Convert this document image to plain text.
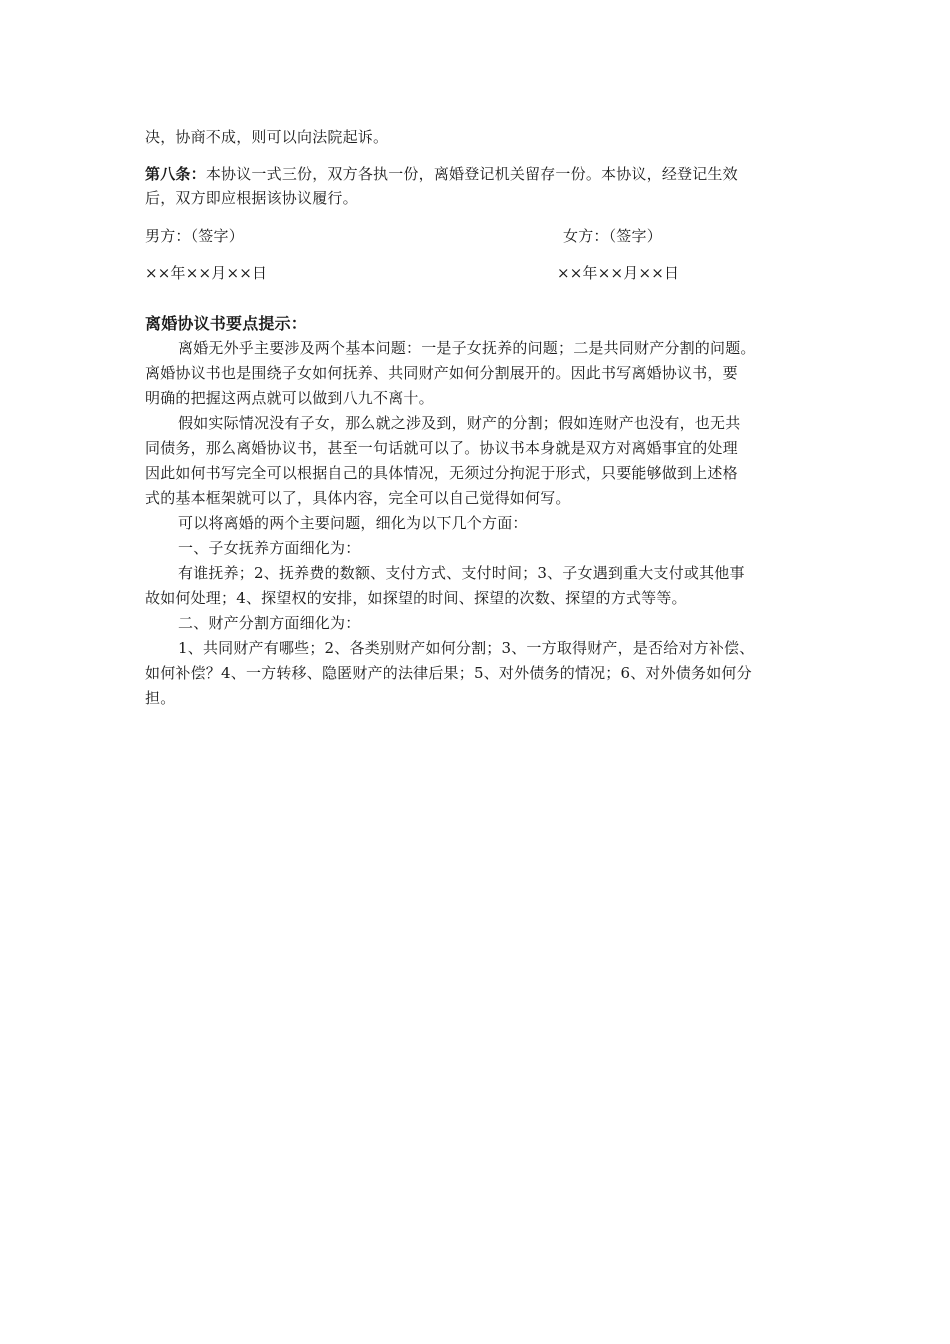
决，协商不成，则可以向法院起诉。
第八条：本协议一式三份，双方各执一份，离婚登记机关留存一份。本协议，经登记生效
后，双方即应根据该协议履行。
男方：（签字）	女方：（签字）
××年××月××日	××年××月××日
离婚协议书要点提示：
离婚无外乎主要涉及两个基本问题：一是子女抚养的问题；二是共同财产分割的问题。
离婚协议书也是围绕子女如何抚养、共同财产如何分割展开的。因此书写离婚协议书，要
明确的把握这两点就可以做到八九不离十。
假如实际情况没有子女，那么就之涉及到，财产的分割；假如连财产也没有，也无共
同债务，那么离婚协议书，甚至一句话就可以了。协议书本身就是双方对离婚事宜的处理
因此如何书写完全可以根据自己的具体情况，无须过分拘泥于形式，只要能够做到上述格
式的基本框架就可以了，具体内容，完全可以自己觉得如何写。
可以将离婚的两个主要问题，细化为以下几个方面：
一、子女抚养方面细化为：
有谁抚养；2、抚养费的数额、支付方式、支付时间；3、子女遇到重大支付或其他事
故如何处理；4、探望权的安排，如探望的时间、探望的次数、探望的方式等等。
二、财产分割方面细化为：
1、共同财产有哪些；2、各类别财产如何分割；3、一方取得财产，是否给对方补偿、
如何补偿？4、一方转移、隐匿财产的法律后果；5、对外债务的情况；6、对外债务如何分
担。
